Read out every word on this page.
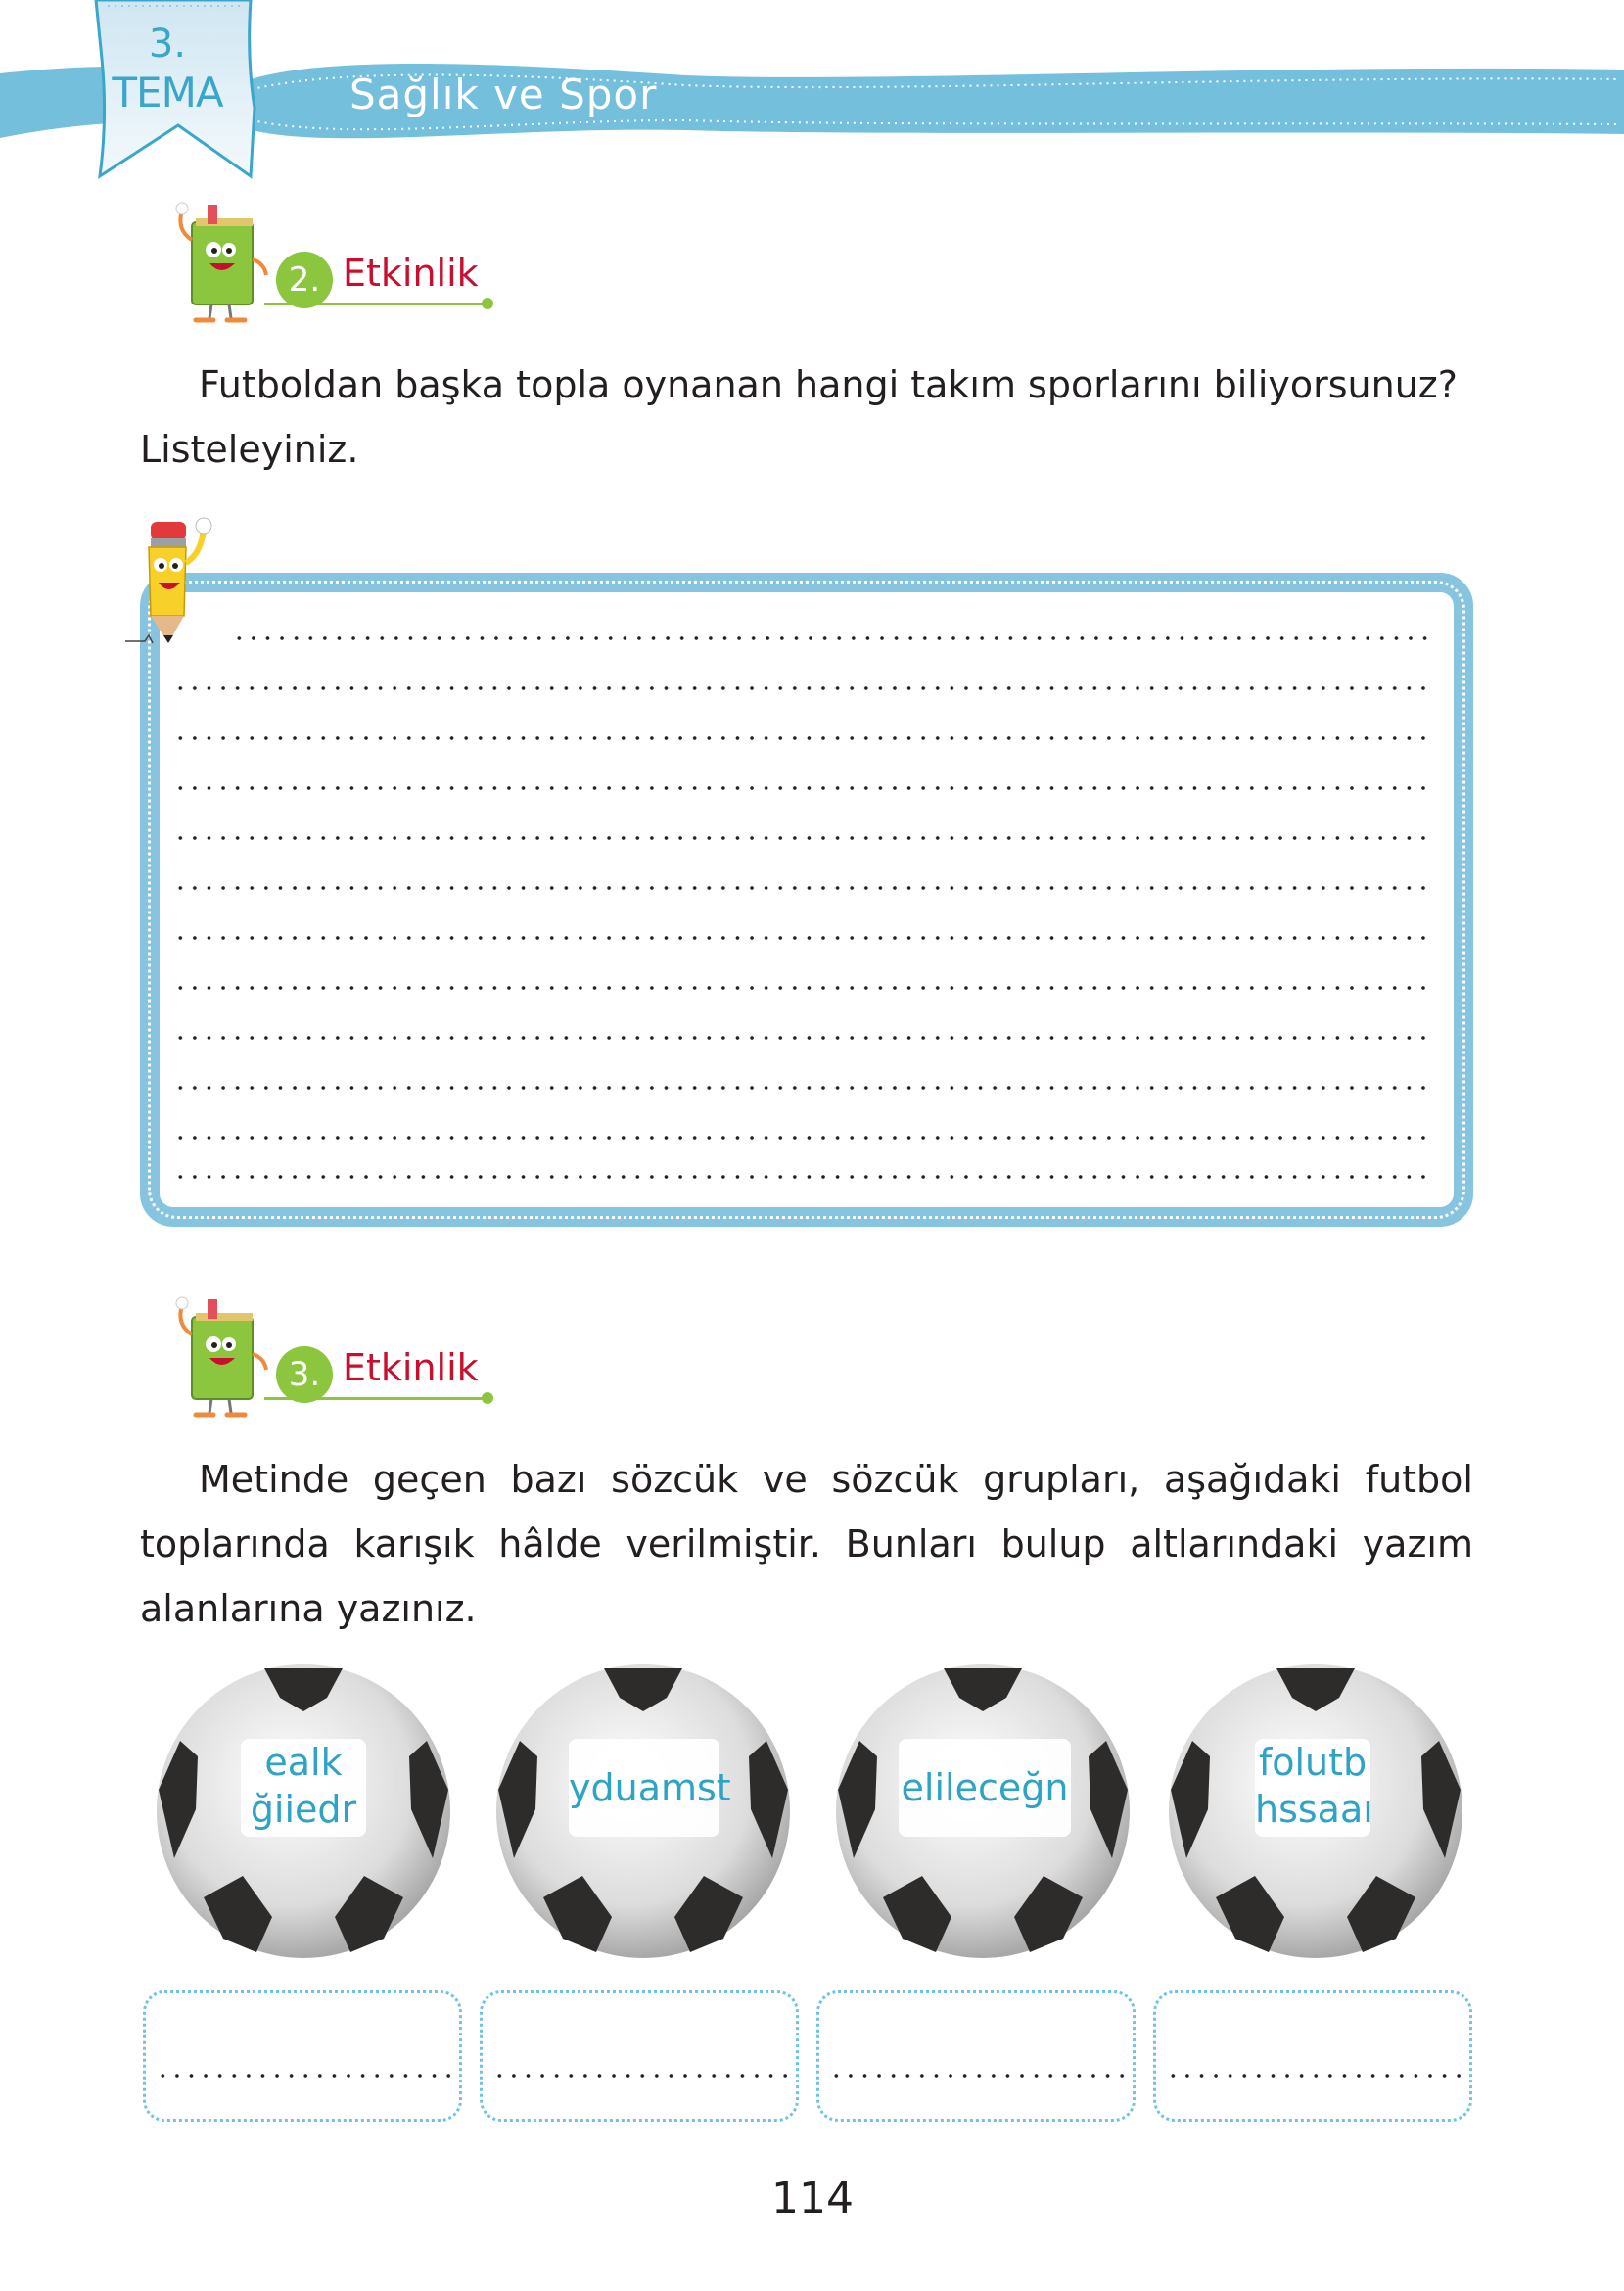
3.
TEMA	Sağlık ve Spor
2. Etkinlik
Futboldan başka topla oynanan hangi takım sporlarını biliyorsunuz?
Listeleyiniz.
3. Etkinlik
Metinde geçen bazı sözcük ve sözcük grupları, aşağıdaki futbol toplarında karışık hâlde verilmiştir. Bunları bulup altlarındaki yazım alanlarına yazınız.
ealk
ğiiedr	yduamst	elileceğn
folutb
hssaaı
114
